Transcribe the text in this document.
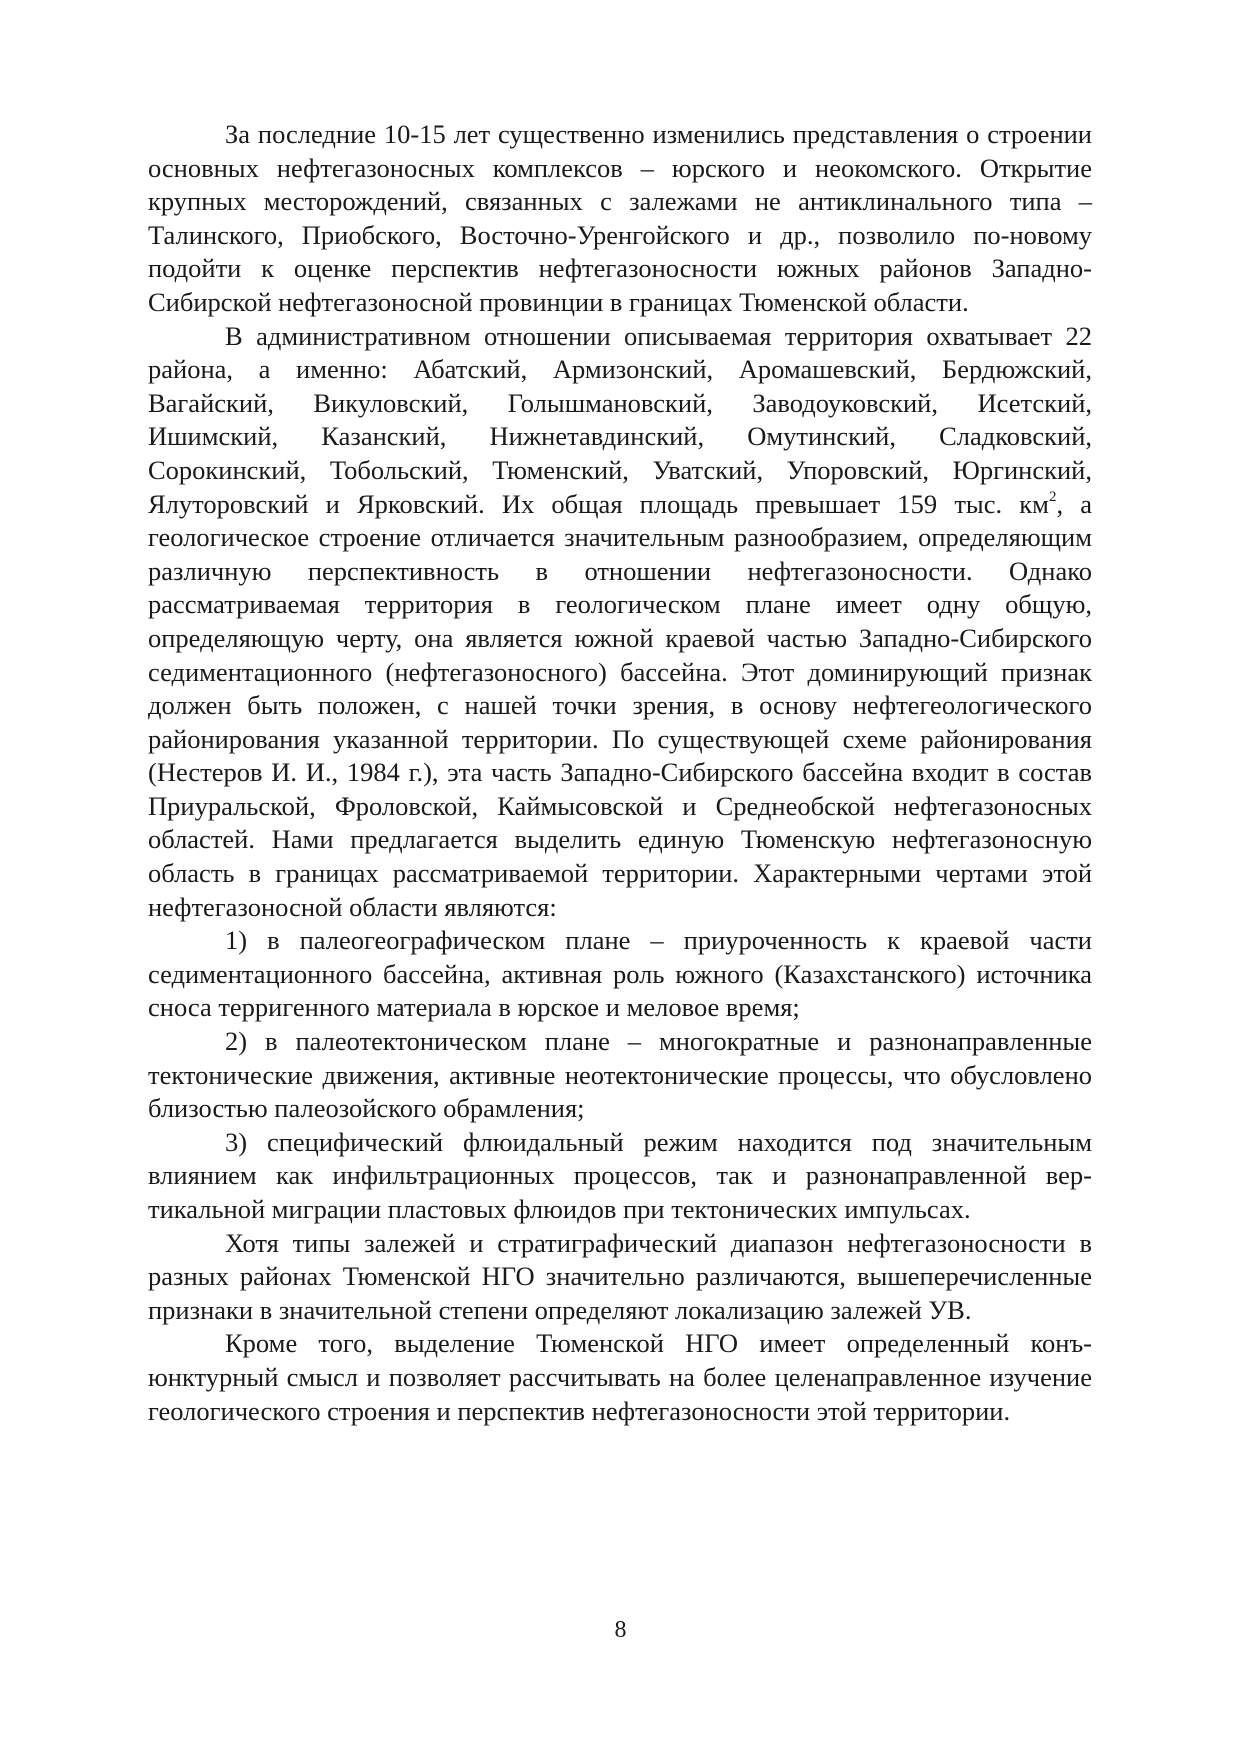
За последние 10-15 лет существенно изменились представления о строении основных нефтегазоносных комплексов – юрского и неокомского. Открытие крупных месторождений, связанных с залежами не антиклинального типа – Талинского, Приобского, Восточно-Уренгойского и др., позволило по-новому подойти к оценке перспектив нефтегазоносности южных районов Западно-Сибирской нефтегазоносной провинции в границах Тюменской области.

В административном отношении описываемая территория охватывает 22 района, а именно: Абатский, Армизонский, Аромашевский, Бердюжский, Вагайский, Викуловский, Голышмановский, Заводоуковский, Исетский, Ишимский, Казанский, Нижнетавдинский, Омутинский, Сладковский, Сорокинский, Тобольский, Тюменский, Уватский, Упоровский, Юргинский, Ялуторовский и Ярковский. Их общая площадь превышает 159 тыс. $км^2$, а геологическое строение отличается значительным разнообразием, определяющим различную перспективность в отношении нефтегазоносности. Однако рассматриваемая территория в геологическом плане имеет одну общую, определяющую черту, она является южной краевой частью Западно-Сибирского седиментационного (нефтегазоносного) бассейна. Этот доминирующий признак должен быть положен, с нашей точки зрения, в основу нефтегеологического районирования указанной территории. По существующей схеме районирования (Нестеров И. И., 1984 г.), эта часть Западно-Сибирского бассейна входит в состав Приуральской, Фроловской, Каймысовской и Среднеобской нефтегазоносных областей. Нами предлагается выделить единую Тюменскую нефтегазоносную область в границах рассматриваемой территории. Характерными чертами этой нефтегазоносной области являются:

1) в палеогеографическом плане – приуроченность к краевой части седиментационного бассейна, активная роль южного (Казахстанского) источника сноса терригенного материала в юрское и меловое время;

2) в палеотектоническом плане – многократные и разнонаправленные тектонические движения, активные неотектонические процессы, что обусловлено близостью палеозойского обрамления;

3) специфический флюидальный режим находится под значительным влиянием как инфильтрационных процессов, так и разнонаправленной вертикальной миграции пластовых флюидов при тектонических импульсах.

Хотя типы залежей и стратиграфический диапазон нефтегазоносности в разных районах Тюменской НГО значительно различаются, вышеперечисленные признаки в значительной степени определяют локализацию залежей УВ.

Кроме того, выделение Тюменской НГО имеет определенный конъюнктурный смысл и позволяет рассчитывать на более целенаправленное изучение геологического строения и перспектив нефтегазоносности этой территории.

8
